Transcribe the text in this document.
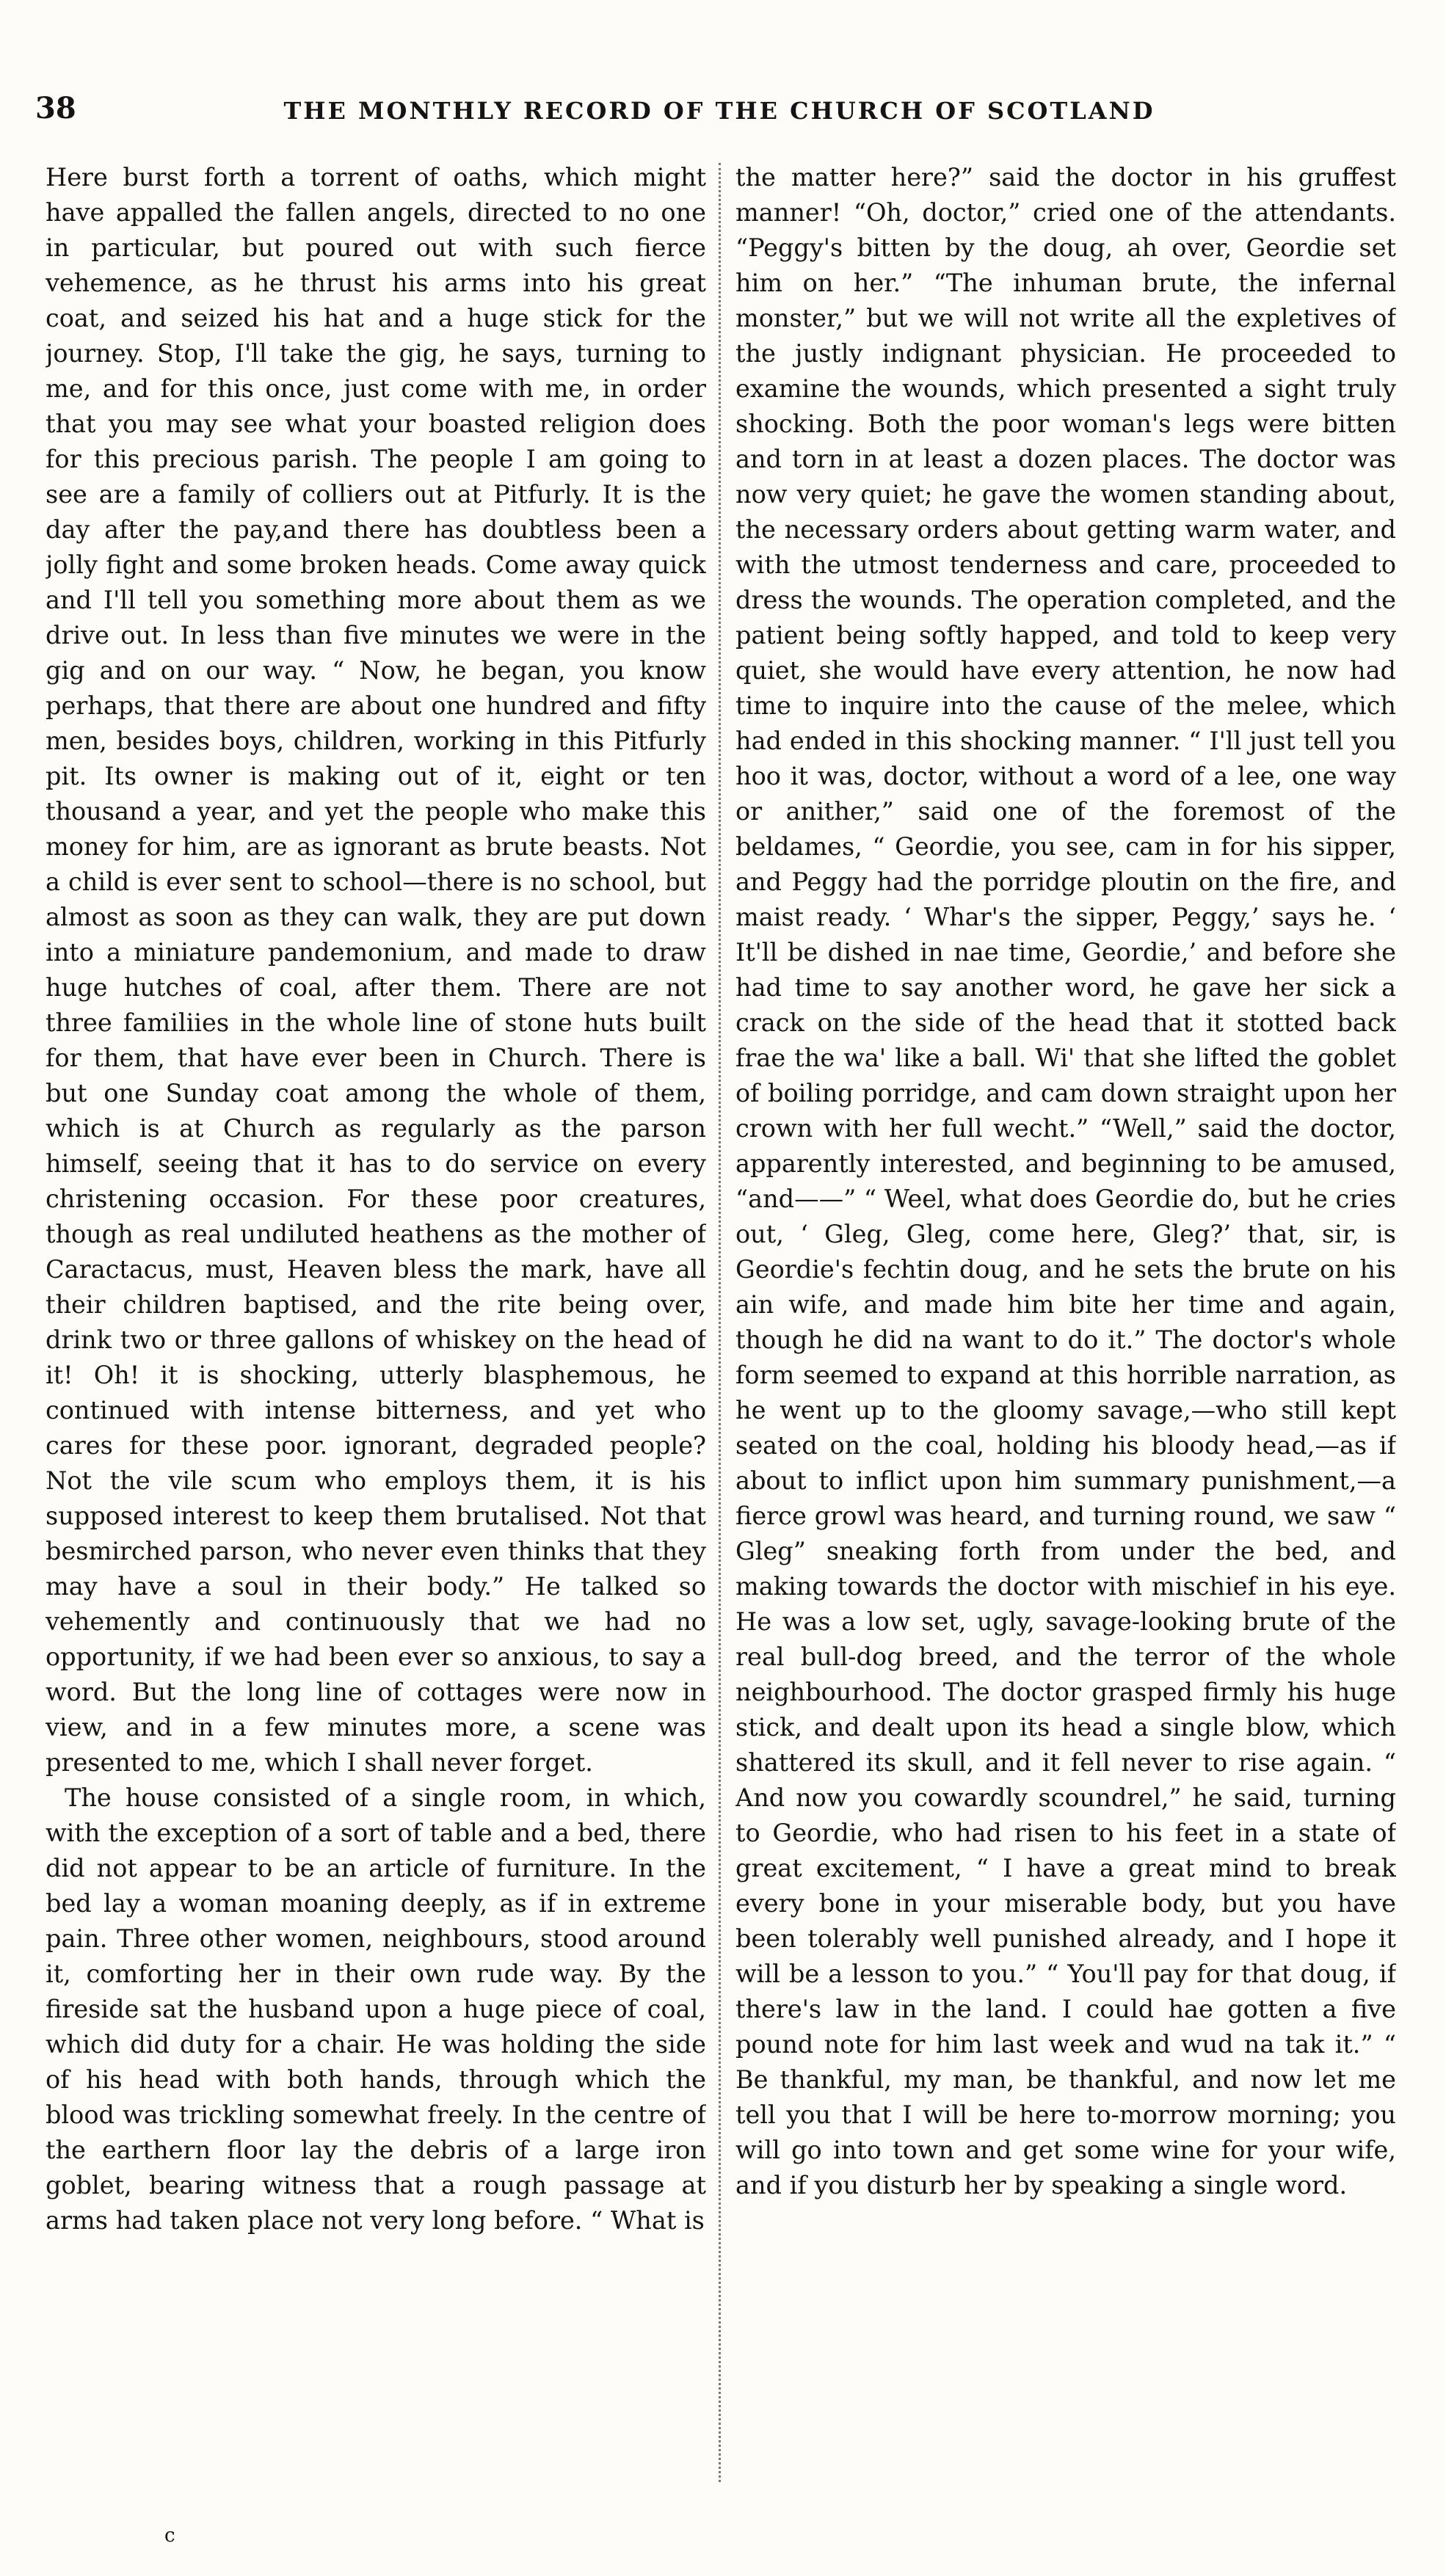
38	THE MONTHLY RECORD OF THE CHURCH OF SCOTLAND

Here burst forth a torrent of oaths, which might have appalled the fallen angels, directed to no one in particular, but poured out with such fierce vehemence, as he thrust his arms into his great coat, and seized his hat and a huge stick for the journey. Stop, I'll take the gig, he says, turning to me, and for this once, just come with me, in order that you may see what your boasted religion does for this precious parish. The people I am going to see are a family of colliers out at Pitfurly. It is the day after the pay,and there has doubtless been a jolly fight and some broken heads. Come away quick and I'll tell you something more about them as we drive out. In less than five minutes we were in the gig and on our way. “ Now, he began, you know perhaps, that there are about one hundred and fifty men, besides boys, children, working in this Pitfurly pit. Its owner is making out of it, eight or ten thousand a year, and yet the people who make this money for him, are as ignorant as brute beasts. Not a child is ever sent to school—there is no school, but almost as soon as they can walk, they are put down into a miniature pandemonium, and made to draw huge hutches of coal, after them. There are not three familiies in the whole line of stone huts built for them, that have ever been in Church. There is but one Sunday coat among the whole of them, which is at Church as regularly as the parson himself, seeing that it has to do service on every christening occasion. For these poor creatures, though as real undiluted heathens as the mother of Caractacus, must, Heaven bless the mark, have all their children baptised, and the rite being over, drink two or three gallons of whiskey on the head of it! Oh! it is shocking, utterly blasphemous, he continued with intense bitterness, and yet who cares for these poor. ignorant, degraded people? Not the vile scum who employs them, it is his supposed interest to keep them brutalised. Not that besmirched parson, who never even thinks that they may have a soul in their body.” He talked so vehemently and continuously that we had no opportunity, if we had been ever so anxious, to say a word. But the long line of cottages were now in view, and in a few minutes more, a scene was presented to me, which I shall never forget.

The house consisted of a single room, in which, with the exception of a sort of table and a bed, there did not appear to be an article of furniture. In the bed lay a woman moaning deeply, as if in extreme pain. Three other women, neighbours, stood around it, comforting her in their own rude way. By the fireside sat the husband upon a huge piece of coal, which did duty for a chair. He was holding the side of his head with both hands, through which the blood was trickling somewhat freely. In the centre of the earthern floor lay the debris of a large iron goblet, bearing witness that a rough passage at arms had taken place not very long before. “ What is

the matter here?” said the doctor in his gruffest manner! “Oh, doctor,” cried one of the attendants. “Peggy's bitten by the doug, ah over, Geordie set him on her.” “The inhuman brute, the infernal monster,” but we will not write all the expletives of the justly indignant physician. He proceeded to examine the wounds, which presented a sight truly shocking. Both the poor woman's legs were bitten and torn in at least a dozen places. The doctor was now very quiet; he gave the women standing about, the necessary orders about getting warm water, and with the utmost tenderness and care, proceeded to dress the wounds. The operation completed, and the patient being softly happed, and told to keep very quiet, she would have every attention, he now had time to inquire into the cause of the melee, which had ended in this shocking manner. “ I'll just tell you hoo it was, doctor, without a word of a lee, one way or anither,” said one of the foremost of the beldames, “ Geordie, you see, cam in for his sipper, and Peggy had the porridge ploutin on the fire, and maist ready. ‘ Whar's the sipper, Peggy,’ says he. ‘ It'll be dished in nae time, Geordie,’ and before she had time to say another word, he gave her sick a crack on the side of the head that it stotted back frae the wa' like a ball. Wi' that she lifted the goblet of boiling porridge, and cam down straight upon her crown with her full wecht.” “Well,” said the doctor, apparently interested, and beginning to be amused, “and——” “ Weel, what does Geordie do, but he cries out, ‘ Gleg, Gleg, come here, Gleg?’ that, sir, is Geordie's fechtin doug, and he sets the brute on his ain wife, and made him bite her time and again, though he did na want to do it.” The doctor's whole form seemed to expand at this horrible narration, as he went up to the gloomy savage,—who still kept seated on the coal, holding his bloody head,—as if about to inflict upon him summary punishment,—a fierce growl was heard, and turning round, we saw “ Gleg” sneaking forth from under the bed, and making towards the doctor with mischief in his eye. He was a low set, ugly, savage-looking brute of the real bull-dog breed, and the terror of the whole neighbourhood. The doctor grasped firmly his huge stick, and dealt upon its head a single blow, which shattered its skull, and it fell never to rise again. “ And now you cowardly scoundrel,” he said, turning to Geordie, who had risen to his feet in a state of great excitement, “ I have a great mind to break every bone in your miserable body, but you have been tolerably well punished already, and I hope it will be a lesson to you.” “ You'll pay for that doug, if there's law in the land. I could hae gotten a five pound note for him last week and wud na tak it.” “ Be thankful, my man, be thankful, and now let me tell you that I will be here to-morrow morning; you will go into town and get some wine for your wife, and if you disturb her by speaking a single word.

c
